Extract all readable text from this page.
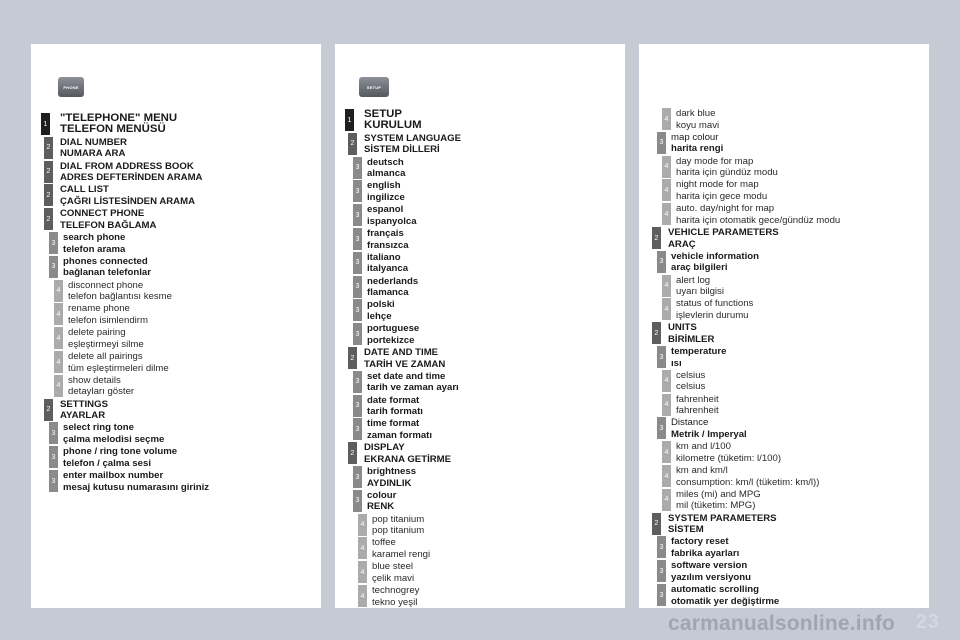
PHONE
1 "TELEPHONE" MENU
TELEFON MENÜSÜ
2 DIAL NUMBER
NUMARA ARA
2 DIAL FROM ADDRESS BOOK
ADRES DEFTERİNDEN ARAMA
2 CALL LIST
ÇAĞRI LİSTESİNDEN ARAMA
2 CONNECT PHONE
TELEFON BAĞLAMA
3 search phone
telefon arama
3 phones connected
bağlanan telefonlar
4 disconnect phone
telefon bağlantısı kesme
4 rename phone
telefon isimlendirm
4 delete pairing
eşleştirmeyi silme
4 delete all pairings
tüm eşleştirmeleri dilme
4 show details
detayları göster
2 SETTINGS
AYARLAR
3 select ring tone
çalma melodisi seçme
3 phone / ring tone volume
telefon / çalma sesi
3 enter mailbox number
mesaj kutusu numarasını giriniz
SETUP
1 SETUP
KURULUM
2 SYSTEM LANGUAGE
SİSTEM DİLLERİ
3 deutsch
almanca
3 english
ingilizce
3 espanol
ispanyolca
3 français
fransızca
3 italiano
italyanca
3 nederlands
flamanca
3 polski
lehçe
3 portuguese
portekizce
2 DATE AND TIME
TARİH VE ZAMAN
3 set date and time
tarih ve zaman ayarı
3 date format
tarih formatı
3 time format
zaman formatı
2 DISPLAY
EKRANA GETİRME
3 brightness
AYDINLIK
3 colour
RENK
4 pop titanium
pop titanium
4 toffee
karamel rengi
4 blue steel
çelik mavi
4 technogrey
tekno yeşil
4 dark blue
koyu mavi
3 map colour
harita rengi
4 day mode for map
harita için gündüz modu
4 night mode for map
harita için gece modu
4 auto. day/night for map
harita için otomatik gece/gündüz modu
2 VEHICLE PARAMETERS
ARAÇ
3 vehicle information
araç bilgileri
4 alert log
uyarı bilgisi
4 status of functions
işlevlerin durumu
2 UNITS
BİRİMLER
3 temperature
ısı
4 celsius
celsius
4 fahrenheit
fahrenheit
3 Distance
Metrik / Imperyal
4 km and l/100
kilometre (tüketim: l/100)
4 km and km/l
consumption: km/l (tüketim: km/l))
4 miles (mi) and MPG
mil (tüketim: MPG)
2 SYSTEM PARAMETERS
SİSTEM
3 factory reset
fabrika ayarları
3 software version
yazılım versiyonu
3 automatic scrolling
otomatik yer değiştirme
23
carmanualsonline.info
